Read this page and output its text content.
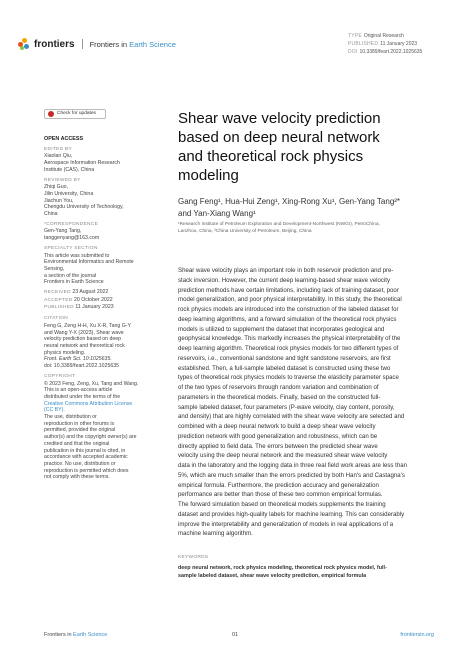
frontiers Frontiers in Earth Science
TYPE Original Research
PUBLISHED 11 January 2023
DOI 10.3389/feart.2022.1025635
Check for updates
OPEN ACCESS
EDITED BY
Xiaolan Qiu,
Aerospace Information Research
Institute (CAS), China
REVIEWED BY
Zhiqi Guo,
Jilin University, China
Jiachun You,
Chengdu University of Technology,
China
*CORRESPONDENCE
Gen-Yang Tang,
tanggenyang@163.com
SPECIALTY SECTION
This article was submitted to
Environmental Informatics and Remote
Sensing,
a section of the journal
Frontiers in Earth Science
RECEIVED 23 August 2022
ACCEPTED 20 October 2022
PUBLISHED 11 January 2023
CITATION
Feng G, Zeng H-H, Xu X-R, Tang G-Y
and Wang Y-X (2023), Shear wave
velocity prediction based on deep
neural network and theoretical rock
physics modeling.
Front. Earth Sci. 10:1025635.
doi: 10.3389/feart.2022.1025635
COPYRIGHT
© 2023 Feng, Zeng, Xu, Tang and Wang.
This is an open-access article
distributed under the terms of the
Creative Commons Attribution License
(CC BY).
The use, distribution or
reproduction in other forums is
permitted, provided the original
author(s) and the copyright owner(s) are
credited and that the original
publication in this journal is cited, in
accordance with accepted academic
practice. No use, distribution or
reproduction is permitted which does
not comply with these terms.
Shear wave velocity prediction
based on deep neural network
and theoretical rock physics
modeling
Gang Feng¹, Hua-Hui Zeng¹, Xing-Rong Xu¹, Gen-Yang Tang²*
and Yan-Xiang Wang¹
¹Research Institute of Petroleum Exploration and Development-Northwest (NWGI), PetroChina,
Lanzhou, China, ²China University of Petroleum, Beijing, China
Shear wave velocity plays an important role in both reservoir prediction and pre-
stack inversion. However, the current deep learning-based shear wave velocity
prediction methods have certain limitations, including lack of training dataset, poor
model generalization, and poor physical interpretability. In this study, the theoretical
rock physics models are introduced into the construction of the labeled dataset for
deep learning algorithms, and a forward simulation of the theoretical rock physics
models is utilized to supplement the dataset that incorporates geological and
geophysical knowledge. This markedly increases the physical interpretability of the
deep learning algorithm. Theoretical rock physics models for two different types of
reservoirs, i.e., conventional sandstone and tight sandstone reservoirs, are first
established. Then, a full-sample labeled dataset is constructed using these two
types of theoretical rock physics models to traverse the elasticity parameter space
of the two types of reservoirs through random variation and combination of
parameters in the theoretical models. Finally, based on the constructed full-
sample labeled dataset, four parameters (P-wave velocity, clay content, porosity,
and density) that are highly correlated with the shear wave velocity are selected and
combined with a deep neural network to build a deep shear wave velocity
prediction network with good generalization and robustness, which can be
directly applied to field data. The errors between the predicted shear wave
velocity using the deep neural network and the measured shear wave velocity
data in the laboratory and the logging data in three real field work areas are less than
5%, which are much smaller than the errors predicted by both Han's and Castagna's
empirical formula. Furthermore, the prediction accuracy and generalization
performance are better than those of these two common empirical formulas.
The forward simulation based on theoretical models supplements the training
dataset and provides high-quality labels for machine learning. This can considerably
improve the interpretability and generalization of models in real applications of a
machine learning algorithm.
KEYWORDS
deep neural network, rock physics modeling, theoretical rock physics model, full-
sample labeled dataset, shear wave velocity prediction, empirical formula
Frontiers in Earth Science	01	frontiersin.org
